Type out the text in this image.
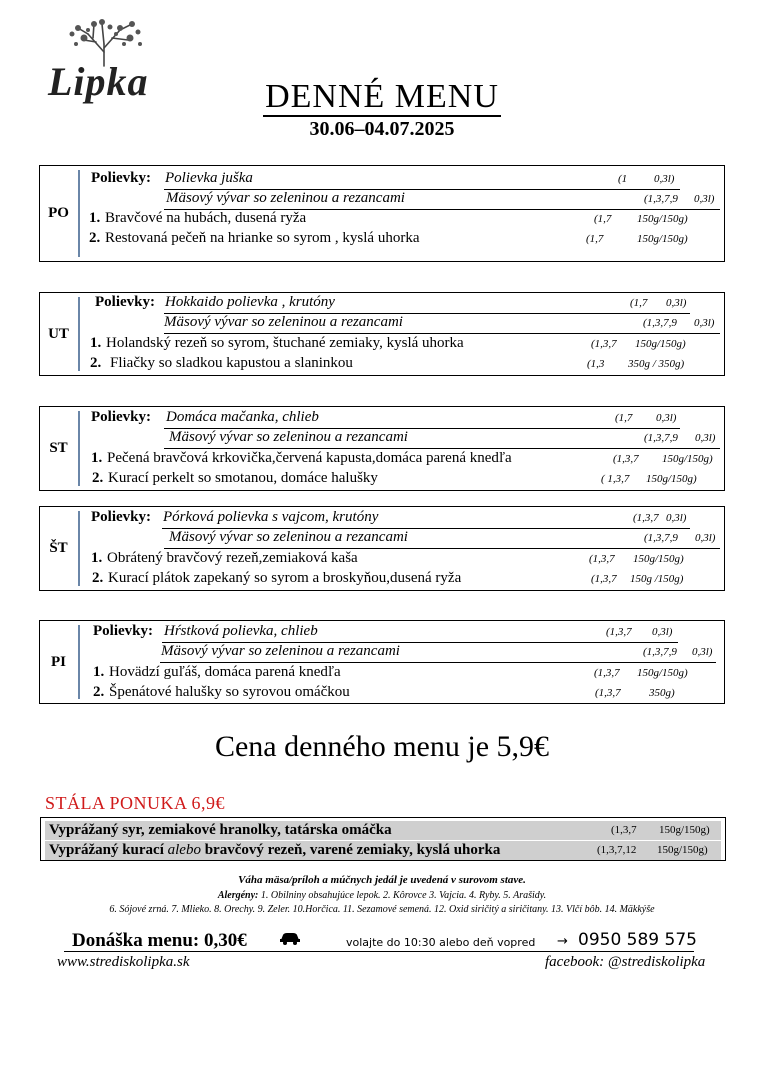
Lipka	DENNÉ MENU
30.06–04.07.2025
PO
Polievky: Polievka juška	(1 0,3l)
Mäsový vývar so zeleninou a rezancami	(1,3,7,9 0,3l)
1. Bravčové na hubách, dusená ryža	(1,7 150g/150g)
2. Restovaná pečeň na hrianke so syrom , kyslá uhorka	(1,7	150g/150g)
UT
Polievky: Hokkaido polievka , krutóny	(1,7 0,3l)
Mäsový vývar so zeleninou a rezancami	(1,3,7,9 0,3l)
1. Holandský rezeň so syrom, štuchané zemiaky, kyslá uhorka	(1,3,7 150g/150g)
2. Fliačky so sladkou kapustou a slaninkou	(1,3 350g / 350g)
ST
Polievky: Domáca mačanka, chlieb	(1,7 0,3l)
Mäsový vývar so zeleninou a rezancami	(1,3,7,9 0,3l)
1. Pečená bravčová krkovička,červená kapusta,domáca parená knedľa	(1,3,7 150g/150g)
2. Kurací perkelt so smotanou, domáce halušky	( 1,3,7 150g/150g)
ŠT
Polievky: Pórková polievka s vajcom, krutóny	(1,3,7 0,3l)
Mäsový vývar so zeleninou a rezancami	(1,3,7,9 0,3l)
1. Obrátený bravčový rezeň,zemiaková kaša	(1,3,7 150g/150g)
2. Kurací plátok zapekaný so syrom a broskyňou,dusená ryža	(1,3,7 150g /150g)
PI
Polievky: Hŕstková polievka, chlieb	(1,3,7 0,3l)
Mäsový vývar so zeleninou a rezancami	(1,3,7,9 0,3l)
1. Hovädzí guľáš, domáca parená knedľa	(1,3,7 150g/150g)
2. Špenátové halušky so syrovou omáčkou	(1,3,7	350g)
Cena denného menu je 5,9€
STÁLA PONUKA 6,9€
Vyprážaný syr, zemiakové hranolky, tatárska omáčka	(1,3,7 150g/150g)
Vyprážaný kurací alebo bravčový rezeň, varené zemiaky, kyslá uhorka	(1,3,7,12 150g/150g)
Váha mäsa/príloh a múčnych jedál je uvedená v surovom stave.
Alergény: 1. Obilniny obsahujúce lepok. 2. Kôrovce 3. Vajcia. 4. Ryby. 5. Arašidy.
6. Sójové zrná. 7. Mlieko. 8. Orechy. 9. Zeler. 10.Horčica. 11. Sezamové semená. 12. Oxid siričitý a siričitany. 13. Vlčí bôb. 14. Mäkkýše
Donáška menu: 0,30€	volajte do 10:30 alebo deň vopred → 0950 589 575
www.strediskolipka.sk	facebook: @strediskolipka
